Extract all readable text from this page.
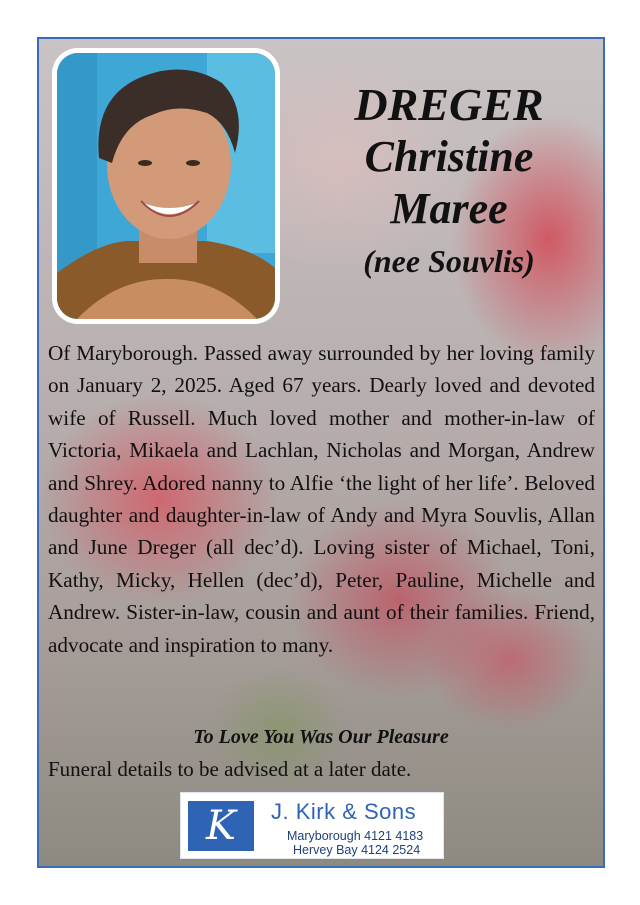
DREGER
Christine
Maree
(nee Souvlis)
Of Maryborough. Passed away surrounded by her loving family on January 2, 2025. Aged 67 years. Dearly loved and devoted wife of Russell. Much loved mother and mother-in-law of Victoria, Mikaela and Lachlan, Nicholas and Morgan, Andrew and Shrey. Adored nanny to Alfie ‘the light of her life’. Beloved daughter and daughter-in-law of Andy and Myra Souvlis, Allan and June Dreger (all dec’d). Loving sister of Michael, Toni, Kathy, Micky, Hellen (dec’d), Peter, Pauline, Michelle and Andrew. Sister-in-law, cousin and aunt of their families. Friend, advocate and inspiration to many.
To Love You Was Our Pleasure
Funeral details to be advised at a later date.
K	J. Kirk & Sons
Maryborough 4121 4183
Hervey Bay 4124 2524
